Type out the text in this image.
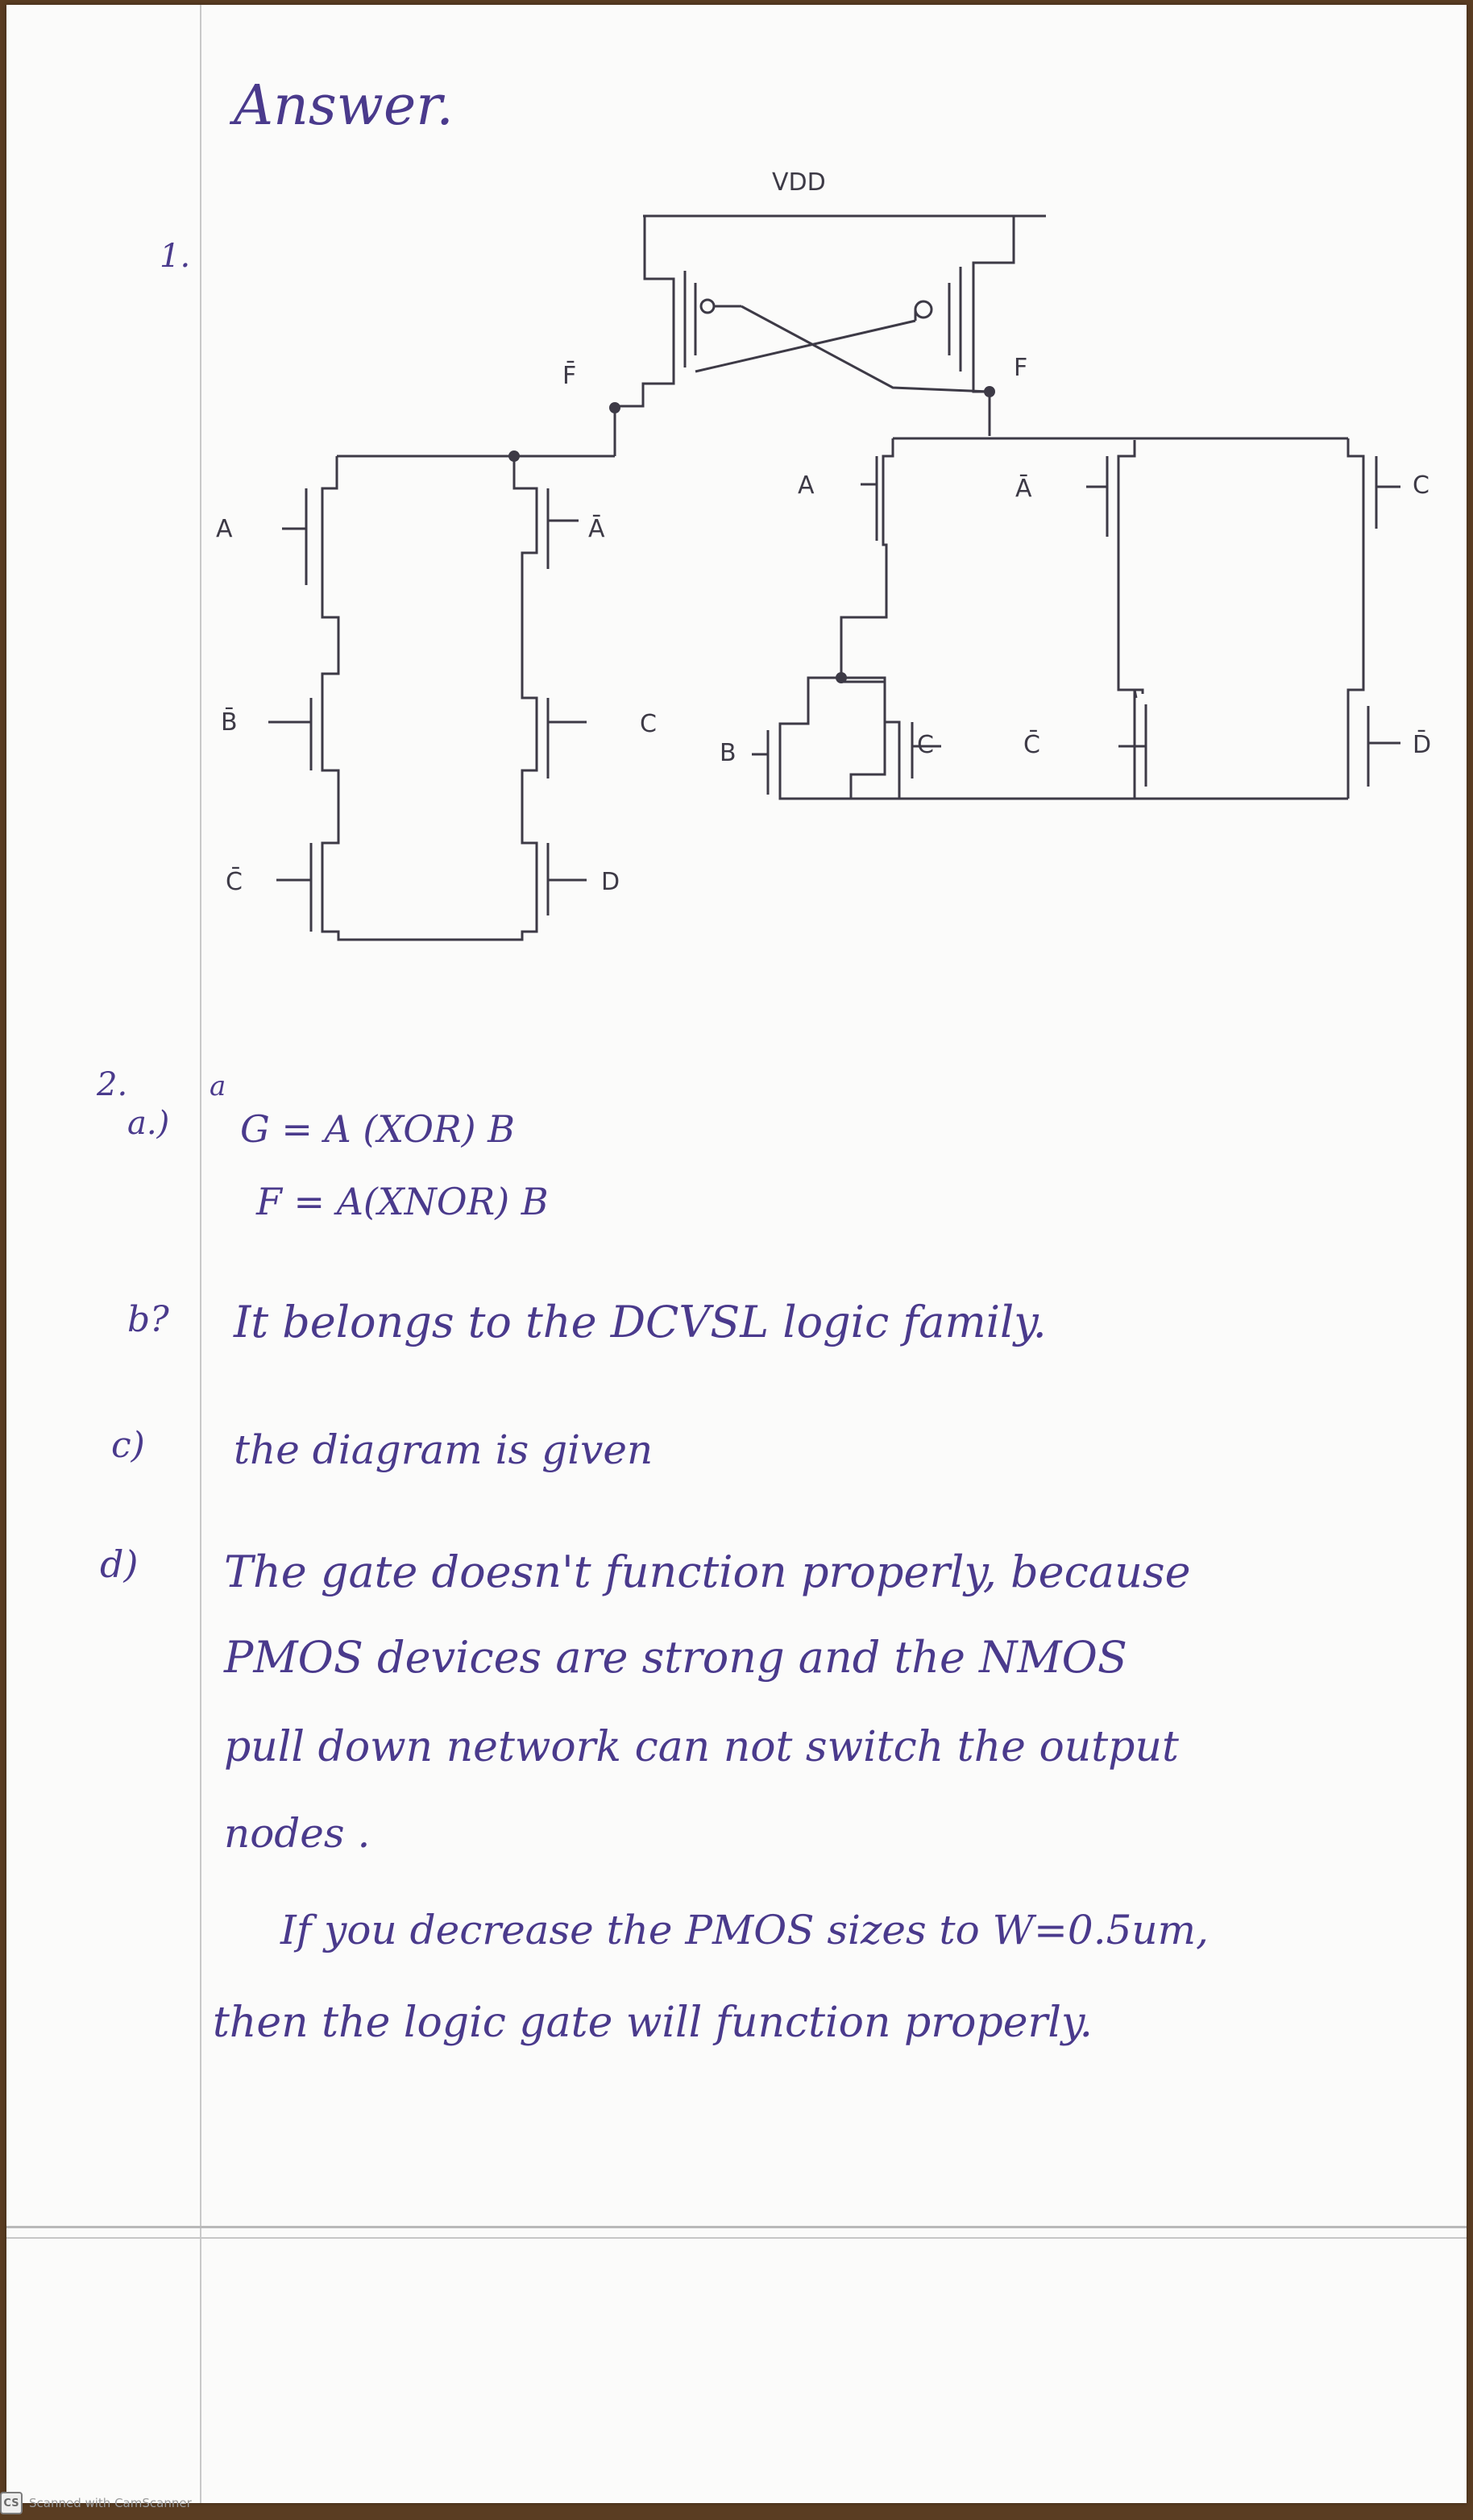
Answer.
1.
VDD
F̄	F
A
B̄
C̄
Ā
C
D
A	Ā	C
B	C	C̄	D̄
2.	a
a.) G = A (XOR) B
F = A(XNOR) B
b? It belongs to the DCVSL logic family.
c) the diagram is given
d) The gate doesn't function properly, because
PMOS devices are strong and the NMOS
pull down network can not switch the output
nodes .
If you decrease the PMOS sizes to W=0.5um,
then the logic gate will function properly.
CS Scanned with CamScanner
